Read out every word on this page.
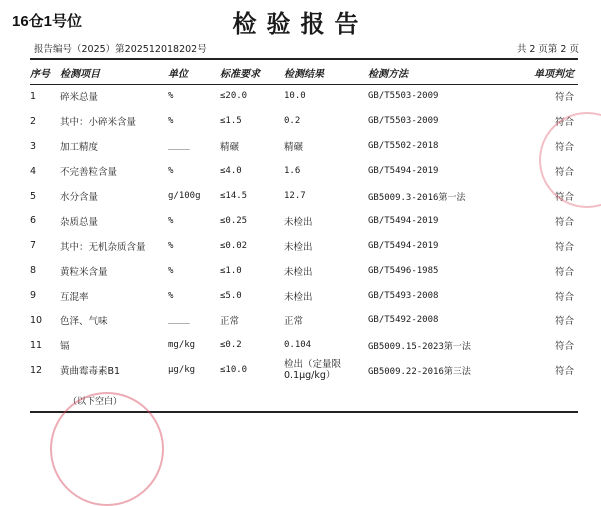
16仓1号位	检验报告
报告编号（2025）第202512018202号	共 2 页第 2 页
序号	检测项目	单位	标准要求	检测结果	检测方法	单项判定
1	碎米总量	%	≤20.0	10.0	GB/T5503-2009	符合
2	其中：小碎米含量	%	≤1.5	0.2	GB/T5503-2009	符合
3	加工精度	____	精碾	精碾	GB/T5502-2018	符合
4	不完善粒含量	%	≤4.0	1.6	GB/T5494-2019	符合
5	水分含量	g/100g	≤14.5	12.7	GB5009.3-2016第一法	符合
6	杂质总量	%	≤0.25	未检出	GB/T5494-2019	符合
7	其中：无机杂质含量	%	≤0.02	未检出	GB/T5494-2019	符合
8	黄粒米含量	%	≤1.0	未检出	GB/T5496-1985	符合
9	互混率	%	≤5.0	未检出	GB/T5493-2008	符合
10	色泽、气味	____	正常	正常	GB/T5492-2008	符合
11	镉	mg/kg	≤0.2	0.104	GB5009.15-2023第一法	符合
12	黄曲霉毒素B1	μg/kg	≤10.0	检出（定量限0.1μg/kg）	GB5009.22-2016第三法	符合
（以下空白）
